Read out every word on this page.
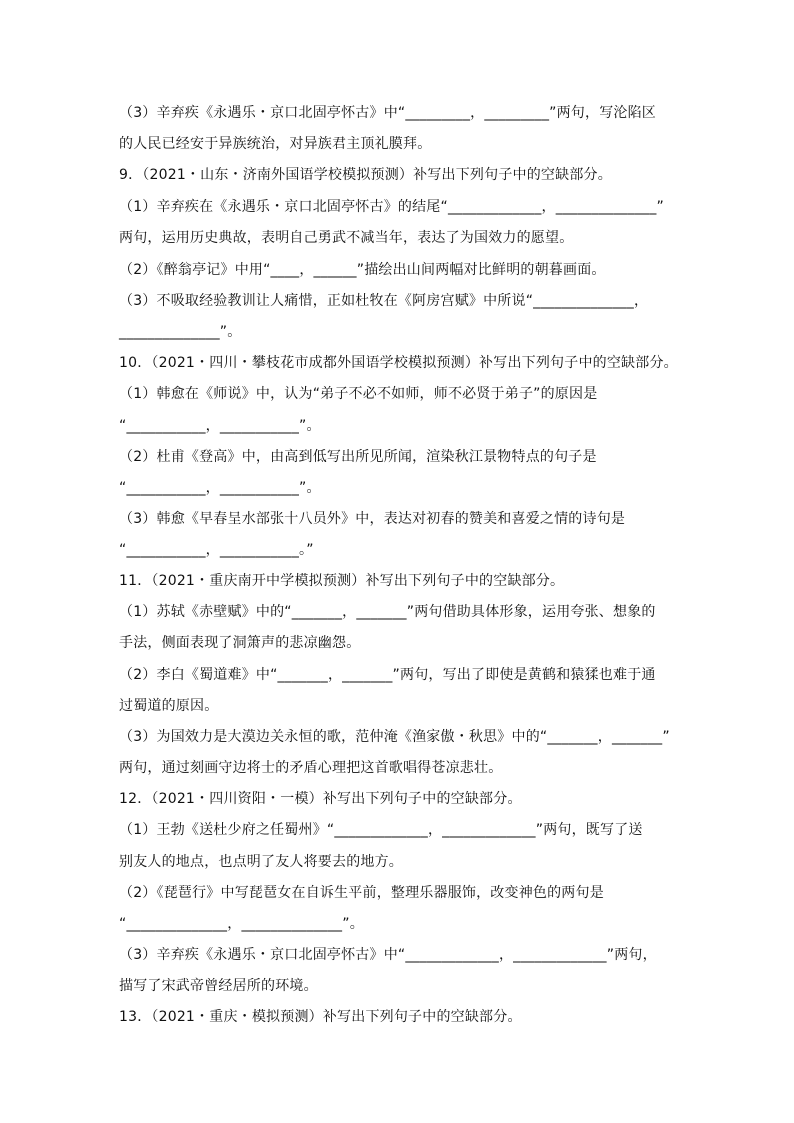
（3）辛弃疾《永遇乐・京口北固亭怀古》中“_________，_________”两句，写沦陷区
的人民已经安于异族统治，对异族君主顶礼膜拜。
9．（2021・山东・济南外国语学校模拟预测）补写出下列句子中的空缺部分。
（1）辛弃疾在《永遇乐・京口北固亭怀古》的结尾“_____________，______________”
两句，运用历史典故，表明自己勇武不减当年，表达了为国效力的愿望。
（2）《醉翁亭记》中用“____，______”描绘出山间两幅对比鲜明的朝暮画面。
（3）不吸取经验教训让人痛惜，正如杜牧在《阿房宫赋》中所说“______________，
______________”。
10．（2021・四川・攀枝花市成都外国语学校模拟预测）补写出下列句子中的空缺部分。
（1）韩愈在《师说》中，认为“弟子不必不如师，师不必贤于弟子”的原因是
“___________，___________”。
（2）杜甫《登高》中，由高到低写出所见所闻，渲染秋江景物特点的句子是
“___________，___________”。
（3）韩愈《早春呈水部张十八员外》中，表达对初春的赞美和喜爱之情的诗句是
“___________，___________。”
11．（2021・重庆南开中学模拟预测）补写出下列句子中的空缺部分。
（1）苏轼《赤壁赋》中的“_______，_______”两句借助具体形象，运用夸张、想象的
手法，侧面表现了洞箫声的悲凉幽怨。
（2）李白《蜀道难》中“_______，_______”两句，写出了即使是黄鹤和猿猱也难于通
过蜀道的原因。
（3）为国效力是大漠边关永恒的歌，范仲淹《渔家傲・秋思》中的“_______，_______”
两句，通过刻画守边将士的矛盾心理把这首歌唱得苍凉悲壮。
12．（2021・四川资阳・一模）补写出下列句子中的空缺部分。
（1）王勃《送杜少府之任蜀州》“_____________，_____________”两句，既写了送
别友人的地点，也点明了友人将要去的地方。
（2）《琵琶行》中写琵琶女在自诉生平前，整理乐器服饰，改变神色的两句是
“______________，______________”。
（3）辛弃疾《永遇乐・京口北固亭怀古》中“_____________，_____________”两句，
描写了宋武帝曾经居所的环境。
13．（2021・重庆・模拟预测）补写出下列句子中的空缺部分。
